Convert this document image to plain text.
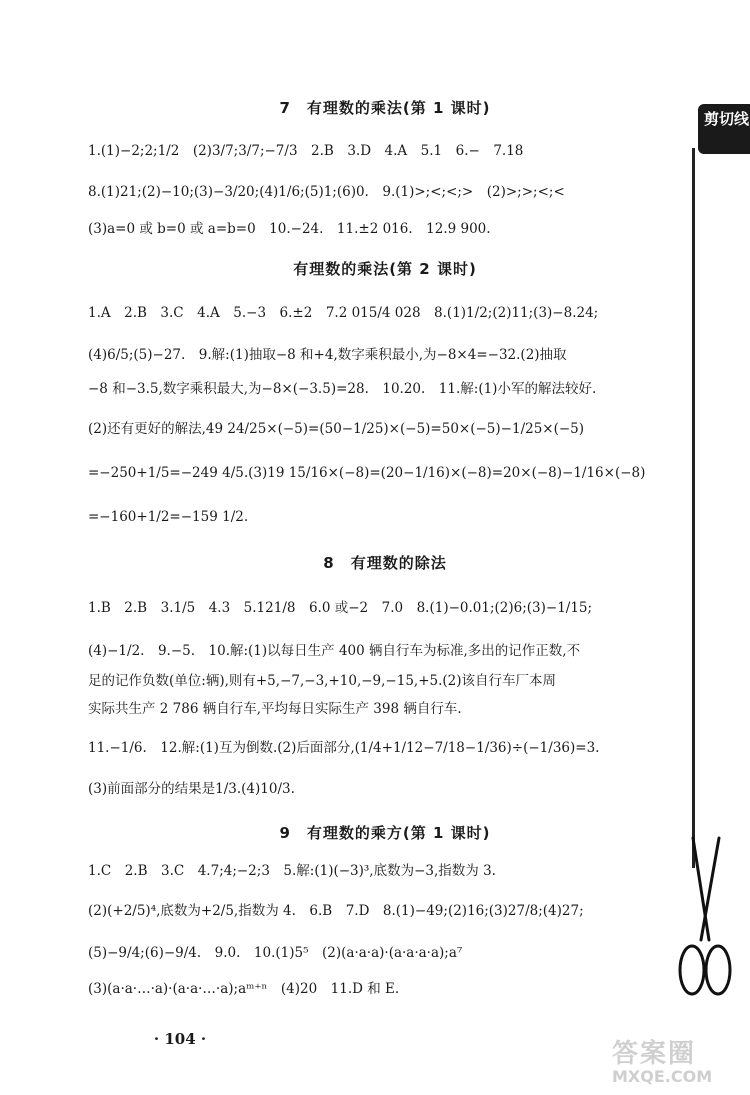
剪切线
7　有理数的乘法(第 1 课时)
1.(1)−2;2;1/2　(2)3/7;3/7;−7/3　2.B　3.D　4.A　5.1　6.−　7.18
8.(1)21;(2)−10;(3)−3/20;(4)1/6;(5)1;(6)0.　9.(1)>;<;<;>　(2)>;>;<;<
(3)a=0 或 b=0 或 a=b=0　10.−24.　11.±2 016.　12.9 900.
有理数的乘法(第 2 课时)
1.A　2.B　3.C　4.A　5.−3　6.±2　7.2 015/4 028　8.(1)1/2;(2)11;(3)−8.24;
(4)6/5;(5)−27.　9.解:(1)抽取−8 和+4,数字乘积最小,为−8×4=−32.(2)抽取
−8 和−3.5,数字乘积最大,为−8×(−3.5)=28.　10.20.　11.解:(1)小军的解法较好.
(2)还有更好的解法,49 24/25×(−5)=(50−1/25)×(−5)=50×(−5)−1/25×(−5)
=−250+1/5=−249 4/5.(3)19 15/16×(−8)=(20−1/16)×(−8)=20×(−8)−1/16×(−8)
=−160+1/2=−159 1/2.
8　有理数的除法
1.B　2.B　3.1/5　4.3　5.121/8　6.0 或−2　7.0　8.(1)−0.01;(2)6;(3)−1/15;
(4)−1/2.　9.−5.　10.解:(1)以每日生产 400 辆自行车为标准,多出的记作正数,不
足的记作负数(单位:辆),则有+5,−7,−3,+10,−9,−15,+5.(2)该自行车厂本周
实际共生产 2 786 辆自行车,平均每日实际生产 398 辆自行车.
11.−1/6.　12.解:(1)互为倒数.(2)后面部分,(1/4+1/12−7/18−1/36)÷(−1/36)=3.
(3)前面部分的结果是1/3.(4)10/3.
9　有理数的乘方(第 1 课时)
1.C　2.B　3.C　4.7;4;−2;3　5.解:(1)(−3)³,底数为−3,指数为 3.
(2)(+2/5)⁴,底数为+2/5,指数为 4.　6.B　7.D　8.(1)−49;(2)16;(3)27/8;(4)27;
(5)−9/4;(6)−9/4.　9.0.　10.(1)5⁵　(2)(a·a·a)·(a·a·a·a);a⁷
(3)(a·a·…·a)·(a·a·…·a);aᵐ⁺ⁿ　(4)20　11.D 和 E.
· 104 ·	答案圈
MXQE.COM
